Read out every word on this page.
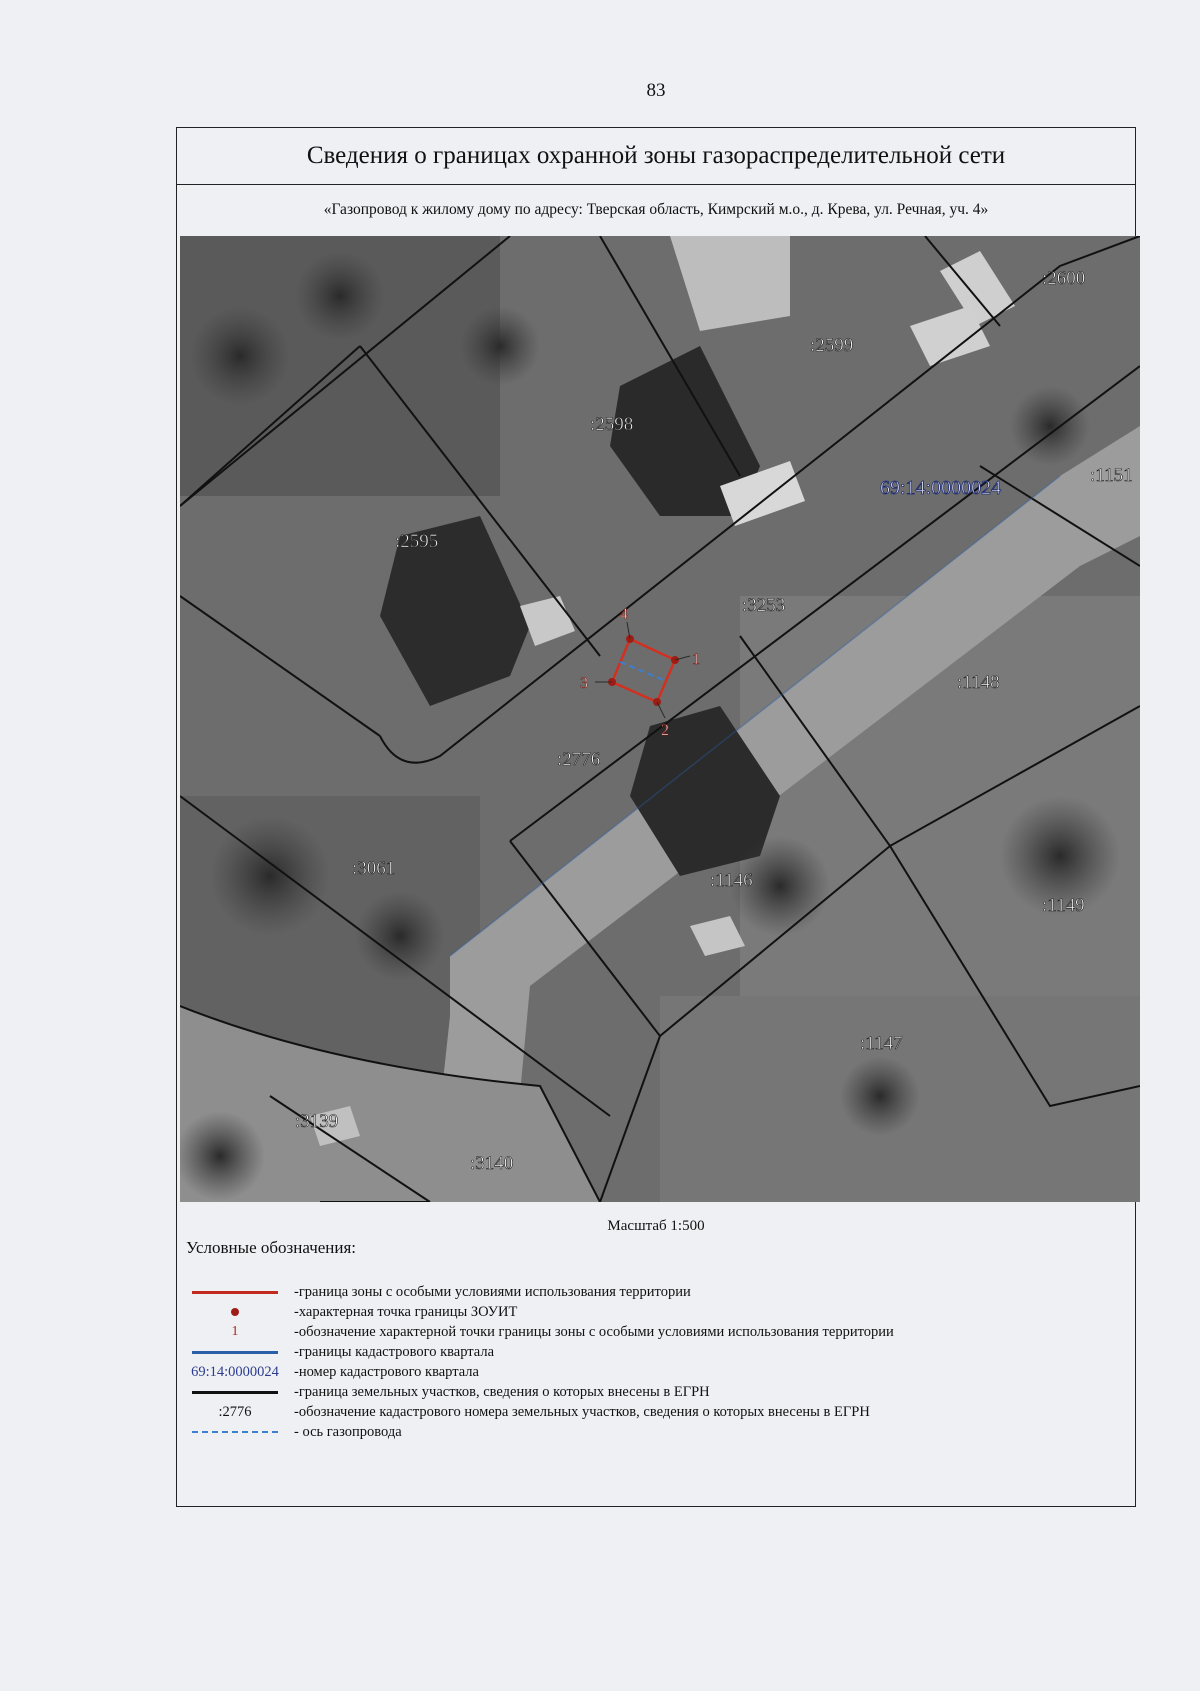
83
Сведения о границах охранной зоны газораспределительной сети
«Газопровод к жилому дому по адресу: Тверская область, Кимрский м.о., д. Крева, ул. Речная, уч. 4»
1
2
3
4
:2600
:2599
:2598
:1151
:2595
:3253
:1148
:2776
:3061
:1146
:1149
:1147
:3139
:3140
69:14:0000024
Масштаб 1:500
Условные обозначения:
-граница зоны с особыми условиями использования территории
-характерная точка границы ЗОУИТ
1	-обозначение характерной точки границы зоны с особыми условиями использования территории
-границы кадастрового квартала
69:14:0000024 -номер кадастрового квартала
-граница земельных участков, сведения о которых внесены в ЕГРН
:2776	-обозначение кадастрового номера земельных участков, сведения о которых внесены в ЕГРН
- ось газопровода
